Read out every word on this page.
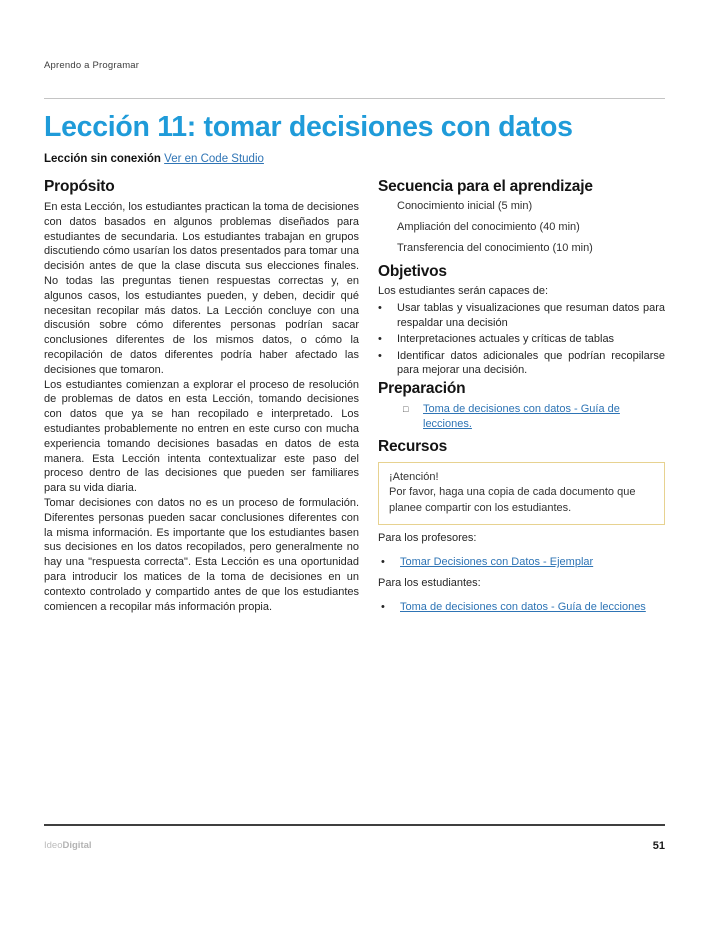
Aprendo a Programar
Lección 11: tomar decisiones con datos
Lección sin conexión Ver en Code Studio
Propósito

En esta Lección, los estudiantes practican la toma de decisiones con datos basados en algunos problemas diseñados para estudiantes de secundaria. Los estudiantes trabajan en grupos discutiendo cómo usarían los datos presentados para tomar una decisión antes de que la clase discuta sus elecciones finales. No todas las preguntas tienen respuestas correctas y, en algunos casos, los estudiantes pueden, y deben, decidir qué necesitan recopilar más datos. La Lección concluye con una discusión sobre cómo diferentes personas podrían sacar conclusiones diferentes de los mismos datos, o cómo la recopilación de datos diferentes podría haber afectado las decisiones que tomaron.

Los estudiantes comienzan a explorar el proceso de resolución de problemas de datos en esta Lección, tomando decisiones con datos que ya se han recopilado e interpretado. Los estudiantes probablemente no entren en este curso con mucha experiencia tomando decisiones basadas en datos de esta manera. Esta Lección intenta contextualizar este paso del proceso dentro de las decisiones que pueden ser familiares para su vida diaria.

Tomar decisiones con datos no es un proceso de formulación. Diferentes personas pueden sacar conclusiones diferentes con la misma información. Es importante que los estudiantes basen sus decisiones en los datos recopilados, pero generalmente no hay una "respuesta correcta". Esta Lección es una oportunidad para introducir los matices de la toma de decisiones en un contexto controlado y compartido antes de que los estudiantes comiencen a recopilar más información propia.

Secuencia para el aprendizaje
Conocimiento inicial (5 min)
Ampliación del conocimiento (40 min)
Transferencia del conocimiento (10 min)
Objetivos
Los estudiantes serán capaces de:
•	Usar tablas y visualizaciones que resuman datos para respaldar una decisión
•	Interpretaciones actuales y críticas de tablas
•	Identificar datos adicionales que podrían recopilarse para mejorar una decisión.
Preparación
□	Toma de decisiones con datos - Guía de lecciones.
Recursos
¡Atención!
Por favor, haga una copia de cada documento que planee compartir con los estudiantes.
Para los profesores:
•	Tomar Decisiones con Datos - Ejemplar
Para los estudiantes:
•	Toma de decisiones con datos - Guía de lecciones
IdeoDigital	51
